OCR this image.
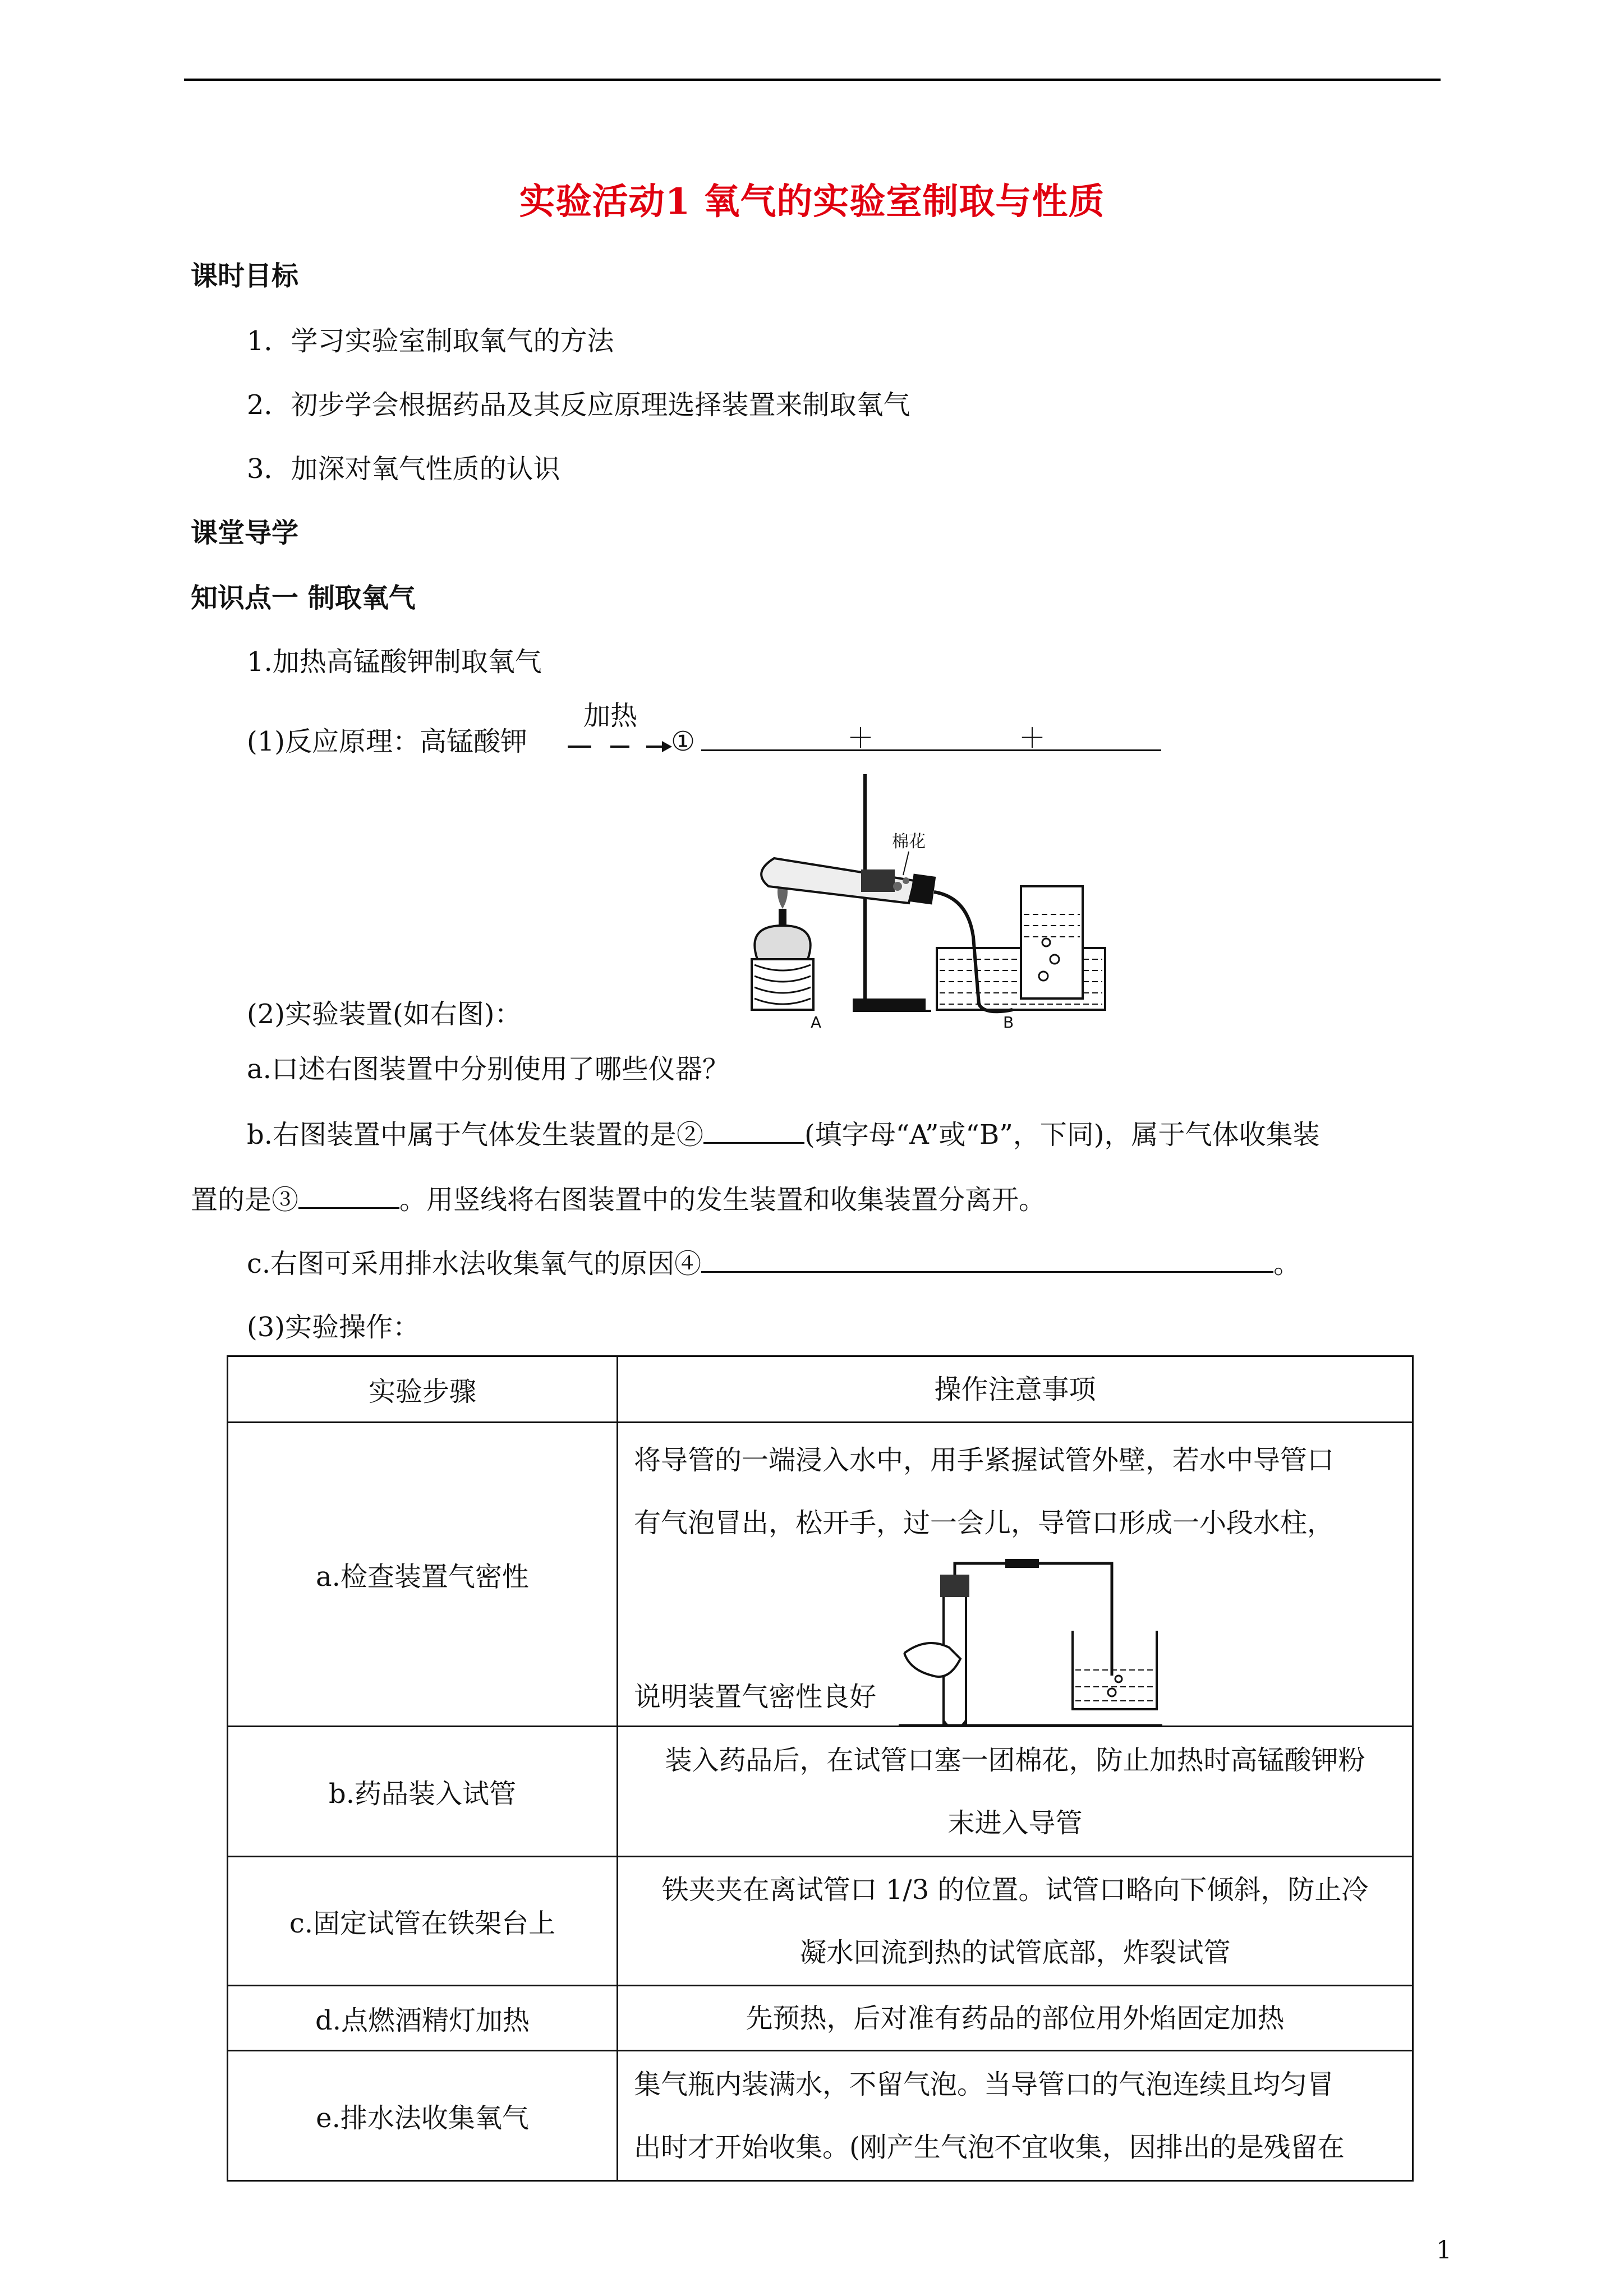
实验活动1 氧气的实验室制取与性质
课时目标
1．学习实验室制取氧气的方法
2．初步学会根据药品及其反应原理选择装置来制取氧气
3．加深对氧气性质的认识
课堂导学
知识点一 制取氧气
1.加热高锰酸钾制取氧气
(1)反应原理：高锰酸钾
加热
①	＋	＋
棉花
A	B
(2)实验装置(如右图)：
a.口述右图装置中分别使用了哪些仪器？
b.右图装置中属于气体发生装置的是②	(填字母“A”或“B”，下同)，属于气体收集装
置的是③	。用竖线将右图装置中的发生装置和收集装置分离开。
c.右图可采用排水法收集氧气的原因④	。
(3)实验操作：
实验步骤	操作注意事项
a.检查装置气密性	将导管的一端浸入水中，用手紧握试管外壁，若水中导管口
有气泡冒出，松开手，过一会儿，导管口形成一小段水柱，
说明装置气密性良好

b.药品装入试管	装入药品后，在试管口塞一团棉花，防止加热时高锰酸钾粉
末进入导管

c.固定试管在铁架台上	铁夹夹在离试管口 1/3 的位置。试管口略向下倾斜，防止冷
凝水回流到热的试管底部，炸裂试管

d.点燃酒精灯加热	先预热，后对准有药品的部位用外焰固定加热

e.排水法收集氧气	集气瓶内装满水，不留气泡。当导管口的气泡连续且均匀冒
出时才开始收集。(刚产生气泡不宜收集，因排出的是残留在
1
